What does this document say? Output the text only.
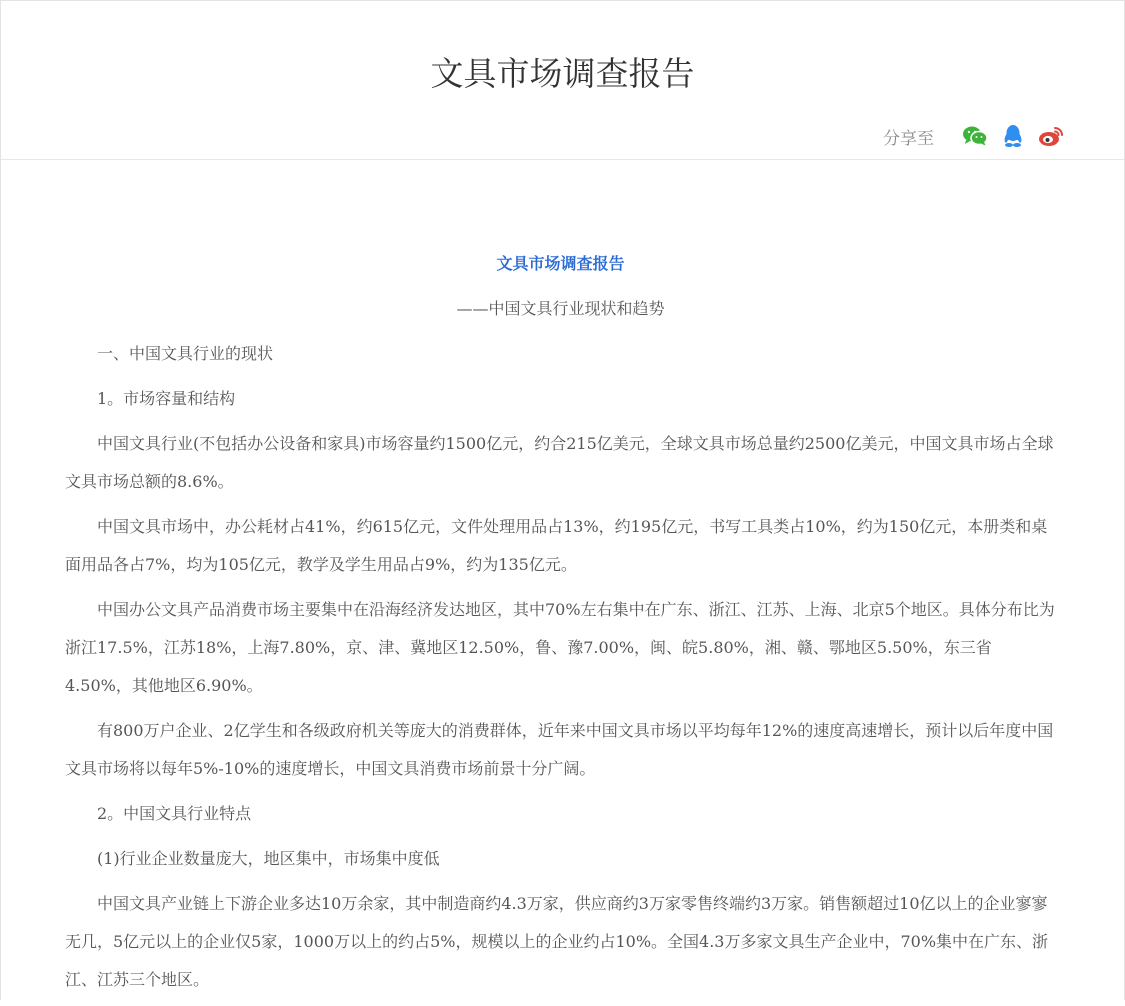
文具市场调查报告
分享至
文具市场调查报告
——中国文具行业现状和趋势

一、中国文具行业的现状

1。市场容量和结构

中国文具行业(不包括办公设备和家具)市场容量约1500亿元，约合215亿美元，全球文具市场总量约2500亿美元，中国文具市场占全球文具市场总额的8.6%。

中国文具市场中，办公耗材占41%，约615亿元，文件处理用品占13%，约195亿元，书写工具类占10%，约为150亿元，本册类和桌面用品各占7%，均为105亿元，教学及学生用品占9%，约为135亿元。

中国办公文具产品消费市场主要集中在沿海经济发达地区，其中70%左右集中在广东、浙江、江苏、上海、北京5个地区。具体分布比为浙江17.5%，江苏18%，上海7.80%，京、津、冀地区12.50%，鲁、豫7.00%，闽、皖5.80%，湘、赣、鄂地区5.50%，东三省4.50%，其他地区6.90%。

有800万户企业、2亿学生和各级政府机关等庞大的消费群体，近年来中国文具市场以平均每年12%的速度高速增长，预计以后年度中国文具市场将以每年5%-10%的速度增长，中国文具消费市场前景十分广阔。

2。中国文具行业特点

(1)行业企业数量庞大，地区集中，市场集中度低

中国文具产业链上下游企业多达10万余家，其中制造商约4.3万家，供应商约3万家零售终端约3万家。销售额超过10亿以上的企业寥寥无几，5亿元以上的企业仅5家，1000万以上的约占5%，规模以上的企业约占10%。全国4.3万多家文具生产企业中，70%集中在广东、浙江、江苏三个地区。
